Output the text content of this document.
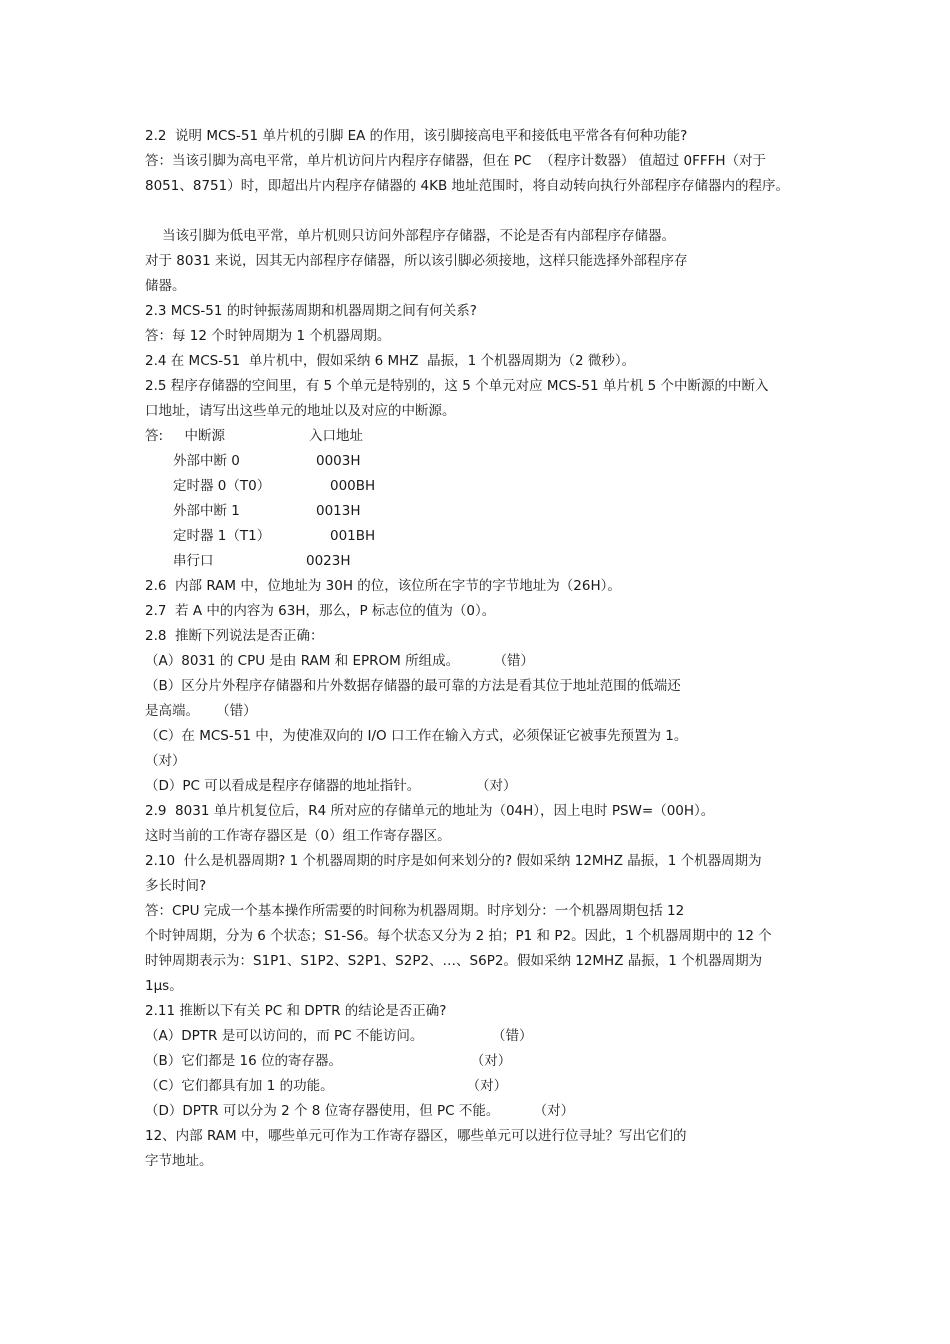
2.2  说明 MCS-51 单片机的引脚 EA 的作用，该引脚接高电平和接低电平常各有何种功能?
答：当该引脚为高电平常，单片机访问片内程序存储器，但在 PC  （程序计数器） 值超过 0FFFH（对于
8051、8751）时，即超出片内程序存储器的 4KB 地址范围时，将自动转向执行外部程序存储器内的程序。
当该引脚为低电平常，单片机则只访问外部程序存储器，不论是否有内部程序存储器。
对于 8031 来说，因其无内部程序存储器，所以该引脚必须接地，这样只能选择外部程序存
储器。
2.3 MCS-51 的时钟振荡周期和机器周期之间有何关系?
答：每 12 个时钟周期为 1 个机器周期。
2.4 在 MCS-51  单片机中，假如采纳 6 MHZ  晶振，1 个机器周期为（2 微秒）。
2.5 程序存储器的空间里，有 5 个单元是特别的，这 5 个单元对应 MCS-51 单片机 5 个中断源的中断入
口地址，请写出这些单元的地址以及对应的中断源。
答:     中断源	入口地址
外部中断 0	0003H
定时器 0（T0）	000BH
外部中断 1	0013H
定时器 1（T1）	001BH
串行口	0023H
2.6  内部 RAM 中，位地址为 30H 的位，该位所在字节的字节地址为（26H）。
2.7  若 A 中的内容为 63H，那么，P 标志位的值为（0）。
2.8  推断下列说法是否正确：
（A）8031 的 CPU 是由 RAM 和 EPROM 所组成。        （错）
（B）区分片外程序存储器和片外数据存储器的最可靠的方法是看其位于地址范围的低端还
是高端。    （错）
（C）在 MCS-51 中，为使准双向的 I/O 口工作在输入方式，必须保证它被事先预置为 1。
（对）
（D）PC 可以看成是程序存储器的地址指针。             （对）
2.9  8031 单片机复位后，R4 所对应的存储单元的地址为（04H），因上电时 PSW=（00H）。
这时当前的工作寄存器区是（0）组工作寄存器区。
2.10  什么是机器周期? 1 个机器周期的时序是如何来划分的? 假如采纳 12MHZ 晶振，1 个机器周期为
多长时间?
答：CPU 完成一个基本操作所需要的时间称为机器周期。时序划分：一个机器周期包括 12
个时钟周期，分为 6 个状态；S1-S6。每个状态又分为 2 拍；P1 和 P2。因此，1 个机器周期中的 12 个
时钟周期表示为：S1P1、S1P2、S2P1、S2P2、…、S6P2。假如采纳 12MHZ 晶振，1 个机器周期为
1μs。
2.11 推断以下有关 PC 和 DPTR 的结论是否正确?
（A）DPTR 是可以访问的，而 PC 不能访问。                （错）
（B）它们都是 16 位的寄存器。                              （对）
（C）它们都具有加 1 的功能。                               （对）
（D）DPTR 可以分为 2 个 8 位寄存器使用，但 PC 不能。        （对）
12、内部 RAM 中，哪些单元可作为工作寄存器区，哪些单元可以进行位寻址？写出它们的
字节地址。
